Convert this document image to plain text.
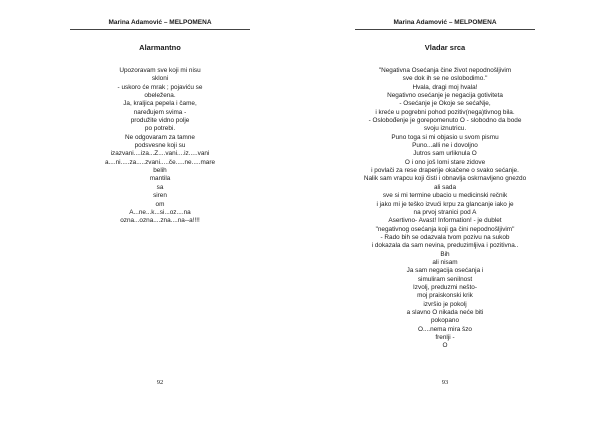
Marina Adamović – MELPOMENA
Alarmantno
Upozoravam sve koji mi nisu
skloni
- uskoro će mrak ; pojaviću se
obeležena.
Ja, kraljica pepela i čame,
naređujem svima -
produžite vidno polje
po potrebi.
Ne odgovaram za tamne
podsvesne koji su
izazvani....iza...Z....vani....iz.....vani
a....ni.....za.....zvani.....če.....ne.....mare
belih
mantila
sa
siren
om
A...ne...k...si...oz....na
ozna...ozna....zna....na--a!!!!
92
Marina Adamović – MELPOMENA
Vladar srca
"Negativna Osećanja čine život nepodnošljivim
sve dok ih se ne oslobodimo."
Hvala, dragi moj hvala!
Negativno osećanje je negacija gotiviteta
- Osećanje je Okoje se sećaNje,
i kreće u pogrebni pohod pozitiv(nega)tivnog bila.
- Oslobođenje je gorepomenuto O - slobodno da bode
svoju iznutricu.
Puno toga si mi objasio u svom pismu
Puno...alli ne i dovoljno
Jutros sam urliknula O
O i ono još lomi stare zidove
i povlači za rese draperije okačene o svako sećanje.
Nalik sam vrapcu koji čisti i obnavlja oskrnavljeno gnezdo
ali sada
sve si mi termine ubacio u medicinski rečnik
i jako mi je teško izvući krpu za glancanje iako je
na prvoj stranici pod A
Asertivno- Avast! Information! - je dublet
"negativnog osećanja koji ga čini nepodnošljivim"
- Rado bih se odazvala tvom pozivu na sukob
i dokazala da sam nevina, preduzimljiva i pozitivna..
Bih
ali nisam
Ja sam negacija osećanja i
simuliram senilnost
Izvolj, preduzmi nešto-
moj praiskonski krik
izvršio je pokolj
a slavno O nikada neće biti
pokopano
O....nema mira šzo
frenlji -
O
93
